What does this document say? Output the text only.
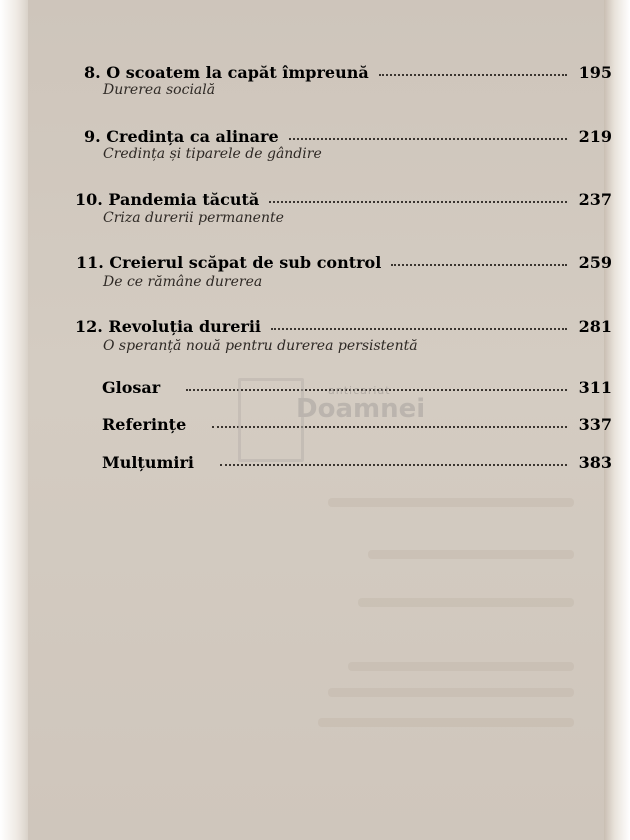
8. O scoatem la capăt împreună	195
Durerea socială
9. Credința ca alinare	219
Credința și tiparele de gândire
10. Pandemia tăcută	237
Criza durerii permanente
11. Creierul scăpat de sub control	259
De ce rămâne durerea
12. Revoluția durerii	281
O speranță nouă pentru durerea persistentă
Glosar	311
Referințe	337
Mulțumiri	383
anticariat
Doamnei
